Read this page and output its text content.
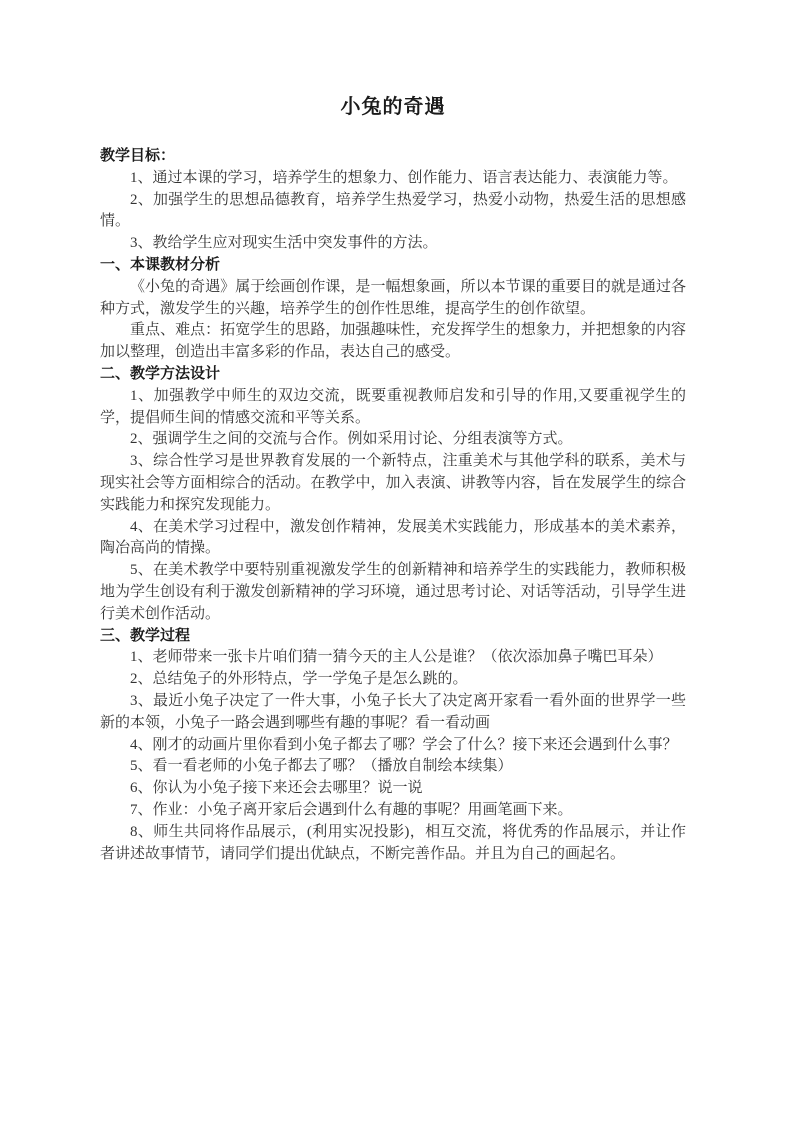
小兔的奇遇

教学目标：

1、通过本课的学习，培养学生的想象力、创作能力、语言表达能力、表演能力等。

2、加强学生的思想品德教育，培养学生热爱学习，热爱小动物，热爱生活的思想感情。

3、教给学生应对现实生活中突发事件的方法。

一、本课教材分析

《小兔的奇遇》属于绘画创作课，是一幅想象画，所以本节课的重要目的就是通过各种方式，激发学生的兴趣，培养学生的创作性思维，提高学生的创作欲望。

重点、难点：拓宽学生的思路，加强趣味性，充发挥学生的想象力，并把想象的内容加以整理，创造出丰富多彩的作品，表达自己的感受。

二、教学方法设计

1、加强教学中师生的双边交流，既要重视教师启发和引导的作用,又要重视学生的学，提倡师生间的情感交流和平等关系。

2、强调学生之间的交流与合作。例如采用讨论、分组表演等方式。

3、综合性学习是世界教育发展的一个新特点，注重美术与其他学科的联系，美术与现实社会等方面相综合的活动。在教学中，加入表演、讲教等内容，旨在发展学生的综合实践能力和探究发现能力。

4、在美术学习过程中，激发创作精神，发展美术实践能力，形成基本的美术素养，陶冶高尚的情操。

5、在美术教学中要特别重视激发学生的创新精神和培养学生的实践能力，教师积极地为学生创设有利于激发创新精神的学习环境，通过思考讨论、对话等活动，引导学生进行美术创作活动。

三、教学过程

1、老师带来一张卡片咱们猜一猜今天的主人公是谁？（依次添加鼻子嘴巴耳朵）

2、总结兔子的外形特点，学一学兔子是怎么跳的。

3、最近小兔子决定了一件大事，小兔子长大了决定离开家看一看外面的世界学一些新的本领，小兔子一路会遇到哪些有趣的事呢？看一看动画

4、刚才的动画片里你看到小兔子都去了哪？学会了什么？接下来还会遇到什么事？

5、看一看老师的小兔子都去了哪？（播放自制绘本续集）

6、你认为小兔子接下来还会去哪里？说一说

7、作业：小兔子离开家后会遇到什么有趣的事呢？用画笔画下来。

8、师生共同将作品展示，(利用实况投影)，相互交流，将优秀的作品展示，并让作者讲述故事情节，请同学们提出优缺点，不断完善作品。并且为自己的画起名。
